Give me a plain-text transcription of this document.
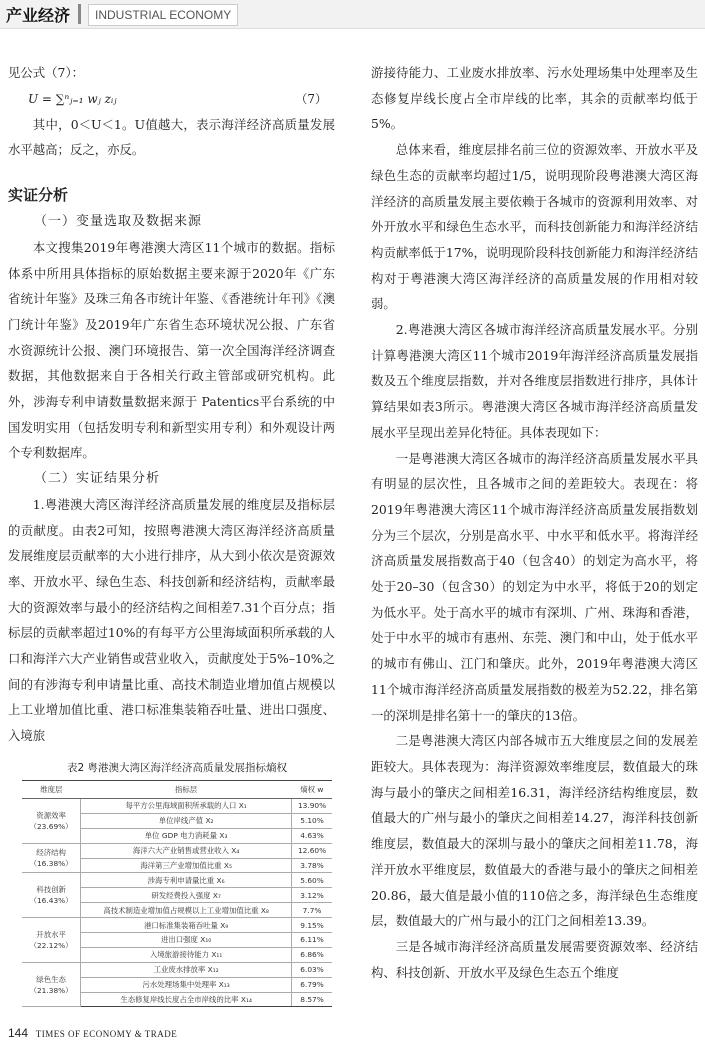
产业经济	INDUSTRIAL ECONOMY

见公式（7）：

U = ∑ⁿⱼ₌₁ wⱼ zᵢⱼ	（7）

其中，0＜U＜1。U值越大，表示海洋经济高质量发展水平越高；反之，亦反。

实证分析
（一）变量选取及数据来源

本文搜集2019年粤港澳大湾区11个城市的数据。指标体系中所用具体指标的原始数据主要来源于2020年《广东省统计年鉴》及珠三角各市统计年鉴、《香港统计年刊》《澳门统计年鉴》及2019年广东省生态环境状况公报、广东省水资源统计公报、澳门环境报告、第一次全国海洋经济调查数据，其他数据来自于各相关行政主管部或研究机构。此外，涉海专利申请数量数据来源于 Patentics平台系统的中国发明实用（包括发明专利和新型实用专利）和外观设计两个专利数据库。

（二）实证结果分析

1.粤港澳大湾区海洋经济高质量发展的维度层及指标层的贡献度。由表2可知，按照粤港澳大湾区海洋经济高质量发展维度层贡献率的大小进行排序，从大到小依次是资源效率、开放水平、绿色生态、科技创新和经济结构，贡献率最大的资源效率与最小的经济结构之间相差7.31个百分点；指标层的贡献率超过10%的有每平方公里海域面积所承载的人口和海洋六大产业销售或营业收入，贡献度处于5%–10%之间的有涉海专利申请量比重、高技术制造业增加值占规模以上工业增加值比重、港口标准集装箱吞吐量、进出口强度、入境旅

表2 粤港澳大湾区海洋经济高质量发展指标熵权
维度层	指标层	熵权 w

资源效率
（23.69%）	每平方公里海域面积所承载的人口 X₁	13.90%
	单位岸线产值 X₂	5.10%
	单位 GDP 电力消耗量 X₃	4.63%

经济结构
（16.38%）	海洋六大产业销售或营业收入 X₄	12.60%
	海洋第三产业增加值比重 X₅	3.78%

科技创新
（16.43%）	涉海专利申请量比重 X₆	5.60%
	研发经费投入强度 X₇	3.12%
	高技术制造业增加值占规模以上工业增加值比重 X₈	7.7%

开放水平
（22.12%）	港口标准集装箱吞吐量 X₉	9.15%
	进出口强度 X₁₀	6.11%
	入境旅游接待能力 X₁₁	6.86%

绿色生态
（21.38%）	工业废水排放率 X₁₂	6.03%
	污水处理场集中处理率 X₁₃	6.79%
	生态修复岸线长度占全市岸线的比率 X₁₄	8.57%

游接待能力、工业废水排放率、污水处理场集中处理率及生态修复岸线长度占全市岸线的比率，其余的贡献率均低于5%。

总体来看，维度层排名前三位的资源效率、开放水平及绿色生态的贡献率均超过1/5，说明现阶段粤港澳大湾区海洋经济的高质量发展主要依赖于各城市的资源利用效率、对外开放水平和绿色生态水平，而科技创新能力和海洋经济结构贡献率低于17%，说明现阶段科技创新能力和海洋经济结构对于粤港澳大湾区海洋经济的高质量发展的作用相对较弱。

2.粤港澳大湾区各城市海洋经济高质量发展水平。分别计算粤港澳大湾区11个城市2019年海洋经济高质量发展指数及五个维度层指数，并对各维度层指数进行排序，具体计算结果如表3所示。粤港澳大湾区各城市海洋经济高质量发展水平呈现出差异化特征。具体表现如下：

一是粤港澳大湾区各城市的海洋经济高质量发展水平具有明显的层次性，且各城市之间的差距较大。表现在：将2019年粤港澳大湾区11个城市海洋经济高质量发展指数划分为三个层次，分别是高水平、中水平和低水平。将海洋经济高质量发展指数高于40（包含40）的划定为高水平，将处于20–30（包含30）的划定为中水平，将低于20的划定为低水平。处于高水平的城市有深圳、广州、珠海和香港，处于中水平的城市有惠州、东莞、澳门和中山，处于低水平的城市有佛山、江门和肇庆。此外，2019年粤港澳大湾区11个城市海洋经济高质量发展指数的极差为52.22，排名第一的深圳是排名第十一的肇庆的13倍。

二是粤港澳大湾区内部各城市五大维度层之间的发展差距较大。具体表现为：海洋资源效率维度层，数值最大的珠海与最小的肇庆之间相差16.31，海洋经济结构维度层，数值最大的广州与最小的肇庆之间相差14.27，海洋科技创新维度层，数值最大的深圳与最小的肇庆之间相差11.78，海洋开放水平维度层，数值最大的香港与最小的肇庆之间相差20.86，最大值是最小值的110倍之多，海洋绿色生态维度层，数值最大的广州与最小的江门之间相差13.39。

三是各城市海洋经济高质量发展需要资源效率、经济结构、科技创新、开放水平及绿色生态五个维度

144 TIMES OF ECONOMY & TRADE
